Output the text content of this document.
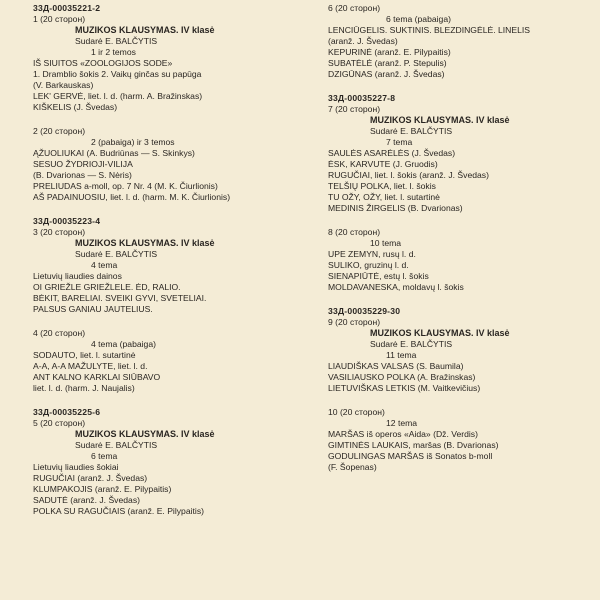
33Д-00035221-2
1 (20 сторон)
MUZIKOS KLAUSYMAS. IV klasė
Sudarė E. BALČYTIS
1 ir 2 temos
IŠ SIUITOS «ZOOLOGIJOS SODE»
1. Dramblio šokis 2. Vaikų ginčas su papūga
(V. Barkauskas)
LEK' GERVĖ, liet. l. d. (harm. A. Bražinskas)
KIŠKELIS (J. Švedas)
2 (20 сторон)
2 (pabaiga) ir 3 temos
ĄŽUOLIUKAI (A. Budriūnas — S. Skinkys)
SESUO ŽYDRIOJI-VILIJA
(B. Dvarionas — S. Nėris)
PRELIUDAS a-moll, op. 7 Nr. 4 (M. K. Čiurlionis)
AŠ PADAINUOSIU, liet. l. d. (harm. M. K. Čiurlionis)
33Д-00035223-4
3 (20 сторон)
MUZIKOS KLAUSYMAS. IV klasė
Sudarė E. BALČYTIS
4 tema
Lietuvių liaudies dainos
OI GRIEŽLE GRIEŽLELE. ĖD, RALIO.
BĖKIT, BARELIAI. SVEIKI GYVI, SVETELIAI.
PALSUS GANIAU JAUTELIUS.
4 (20 сторон)
4 tema (pabaiga)
SODAUTO, liet. l. sutartinė
A-A, A-A MAŽULYTE, liet. l. d.
ANT KALNO KARKLAI SIŪBAVO
liet. l. d. (harm. J. Naujalis)
33Д-00035225-6
5 (20 сторон)
MUZIKOS KLAUSYMAS. IV klasė
Sudarė E. BALČYTIS
6 tema
Lietuvių liaudies šokiai
RUGUČIAI (aranž. J. Švedas)
KLUMPAKOJIS (aranž. E. Pilypaitis)
SADUTĖ (aranž. J. Švedas)
POLKA SU RAGUČIAIS (aranž. E. Pilypaitis)
6 (20 сторон)
6 tema (pabaiga)
LENCIŪGELIS. SUKTINIS. BLEZDINGĖLĖ. LINELIS
(aranž. J. Švedas)
KEPURINĖ (aranž. E. Pilypaitis)
SUBATĖLĖ (aranž. P. Stepulis)
DZIGŪNAS (aranž. J. Švedas)
33Д-00035227-8
7 (20 сторон)
MUZIKOS KLAUSYMAS. IV klasė
Sudarė E. BALČYTIS
7 tema
SAULĖS ASARĖLĖS (J. Švedas)
ĖSK, KARVUTE (J. Gruodis)
RUGUČIAI, liet. l. šokis (aranž. J. Švedas)
TELŠIŲ POLKA, liet. l. šokis
TU OŽY, OŽY, liet. l. sutartinė
MEDINIS ŽIRGELIS (B. Dvarionas)
8 (20 сторон)
10 tema
UPE ZEMYN, rusų l. d.
SULIKO, gruzinų l. d.
SIENAPIŪTĖ, estų l. šokis
MOLDAVANESKA, moldavų l. šokis
33Д-00035229-30
9 (20 сторон)
MUZIKOS KLAUSYMAS. IV klasė
Sudarė E. BALČYTIS
11 tema
LIAUDIŠKAS VALSAS (S. Baumila)
VASILIAUSKO POLKA (A. Bražinskas)
LIETUVIŠKAS LETKIS (M. Vaitkevičius)
10 (20 сторон)
12 tema
MARŠAS iš operos «Aida» (Dž. Verdis)
GIMTINĖS LAUKAIS, maršas (B. Dvarionas)
GODULINGAS MARŠAS iš Sonatos b-moll
(F. Šopenas)
